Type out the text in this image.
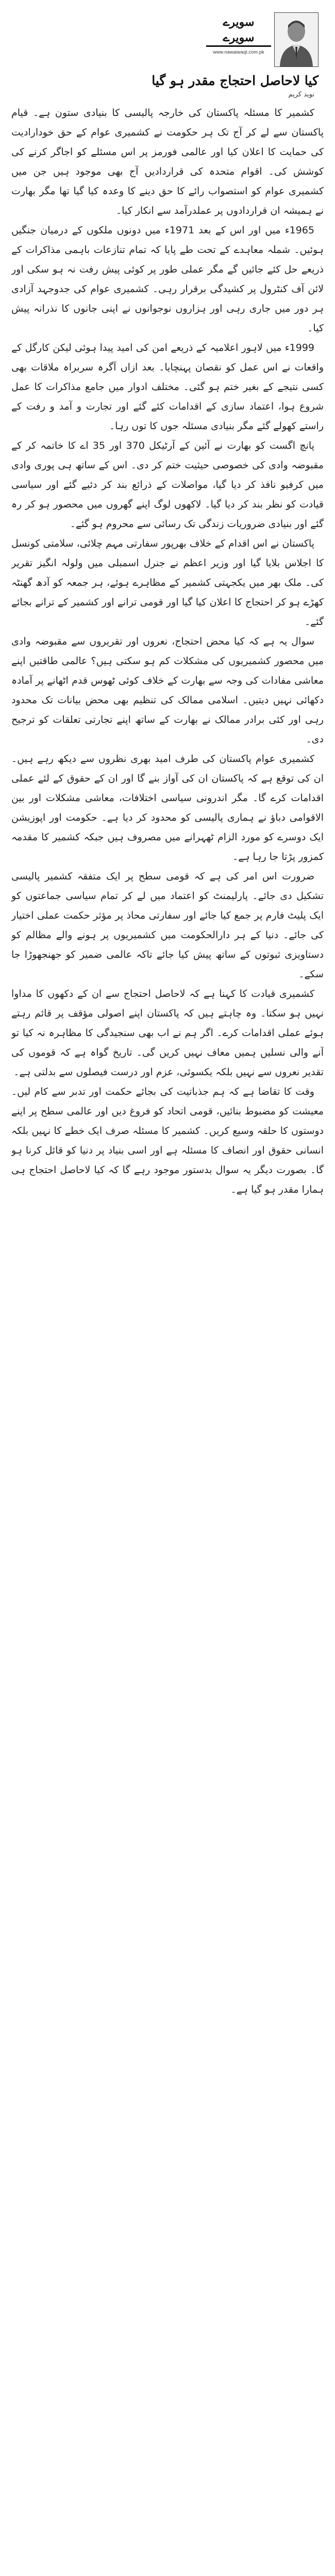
سویرے
سویرے
www.nawaiwaqt.com.pk
کیا لاحاصل احتجاج مقدر ہو گیا
نوید کریم

کشمیر کا مسئلہ پاکستان کی خارجہ پالیسی کا بنیادی ستون ہے۔ قیام پاکستان سے لے کر آج تک ہر حکومت نے کشمیری عوام کے حق خودارادیت کی حمایت کا اعلان کیا اور عالمی فورمز پر اس مسئلے کو اجاگر کرنے کی کوشش کی۔ اقوام متحدہ کی قراردادیں آج بھی موجود ہیں جن میں کشمیری عوام کو استصواب رائے کا حق دینے کا وعدہ کیا گیا تھا مگر بھارت نے ہمیشہ ان قراردادوں پر عملدرآمد سے انکار کیا۔

1965ء میں اور اس کے بعد 1971ء میں دونوں ملکوں کے درمیان جنگیں ہوئیں۔ شملہ معاہدے کے تحت طے پایا کہ تمام تنازعات باہمی مذاکرات کے ذریعے حل کئے جائیں گے مگر عملی طور پر کوئی پیش رفت نہ ہو سکی اور لائن آف کنٹرول پر کشیدگی برقرار رہی۔ کشمیری عوام کی جدوجہد آزادی ہر دور میں جاری رہی اور ہزاروں نوجوانوں نے اپنی جانوں کا نذرانہ پیش کیا۔

1999ء میں لاہور اعلامیہ کے ذریعے امن کی امید پیدا ہوئی لیکن کارگل کے واقعات نے اس عمل کو نقصان پہنچایا۔ بعد ازاں آگرہ سربراہ ملاقات بھی کسی نتیجے کے بغیر ختم ہو گئی۔ مختلف ادوار میں جامع مذاکرات کا عمل شروع ہوا، اعتماد سازی کے اقدامات کئے گئے اور تجارت و آمد و رفت کے راستے کھولے گئے مگر بنیادی مسئلہ جوں کا توں رہا۔

پانچ اگست کو بھارت نے آئین کے آرٹیکل 370 اور 35 اے کا خاتمہ کر کے مقبوضہ وادی کی خصوصی حیثیت ختم کر دی۔ اس کے ساتھ ہی پوری وادی میں کرفیو نافذ کر دیا گیا، مواصلات کے ذرائع بند کر دئیے گئے اور سیاسی قیادت کو نظر بند کر دیا گیا۔ لاکھوں لوگ اپنے گھروں میں محصور ہو کر رہ گئے اور بنیادی ضروریات زندگی تک رسائی سے محروم ہو گئے۔

پاکستان نے اس اقدام کے خلاف بھرپور سفارتی مہم چلائی، سلامتی کونسل کا اجلاس بلایا گیا اور وزیر اعظم نے جنرل اسمبلی میں ولولہ انگیز تقریر کی۔ ملک بھر میں یکجہتی کشمیر کے مظاہرے ہوئے، ہر جمعہ کو آدھ گھنٹہ کھڑے ہو کر احتجاج کا اعلان کیا گیا اور قومی ترانے اور کشمیر کے ترانے بجائے گئے۔

سوال یہ ہے کہ کیا محض احتجاج، نعروں اور تقریروں سے مقبوضہ وادی میں محصور کشمیریوں کی مشکلات کم ہو سکتی ہیں؟ عالمی طاقتیں اپنے معاشی مفادات کی وجہ سے بھارت کے خلاف کوئی ٹھوس قدم اٹھانے پر آمادہ دکھائی نہیں دیتیں۔ اسلامی ممالک کی تنظیم بھی محض بیانات تک محدود رہی اور کئی برادر ممالک نے بھارت کے ساتھ اپنے تجارتی تعلقات کو ترجیح دی۔

کشمیری عوام پاکستان کی طرف امید بھری نظروں سے دیکھ رہے ہیں۔ ان کی توقع ہے کہ پاکستان ان کی آواز بنے گا اور ان کے حقوق کے لئے عملی اقدامات کرے گا۔ مگر اندرونی سیاسی اختلافات، معاشی مشکلات اور بین الاقوامی دباؤ نے ہماری پالیسی کو محدود کر دیا ہے۔ حکومت اور اپوزیشن ایک دوسرے کو مورد الزام ٹھہرانے میں مصروف ہیں جبکہ کشمیر کا مقدمہ کمزور پڑتا جا رہا ہے۔

ضرورت اس امر کی ہے کہ قومی سطح پر ایک متفقہ کشمیر پالیسی تشکیل دی جائے۔ پارلیمنٹ کو اعتماد میں لے کر تمام سیاسی جماعتوں کو ایک پلیٹ فارم پر جمع کیا جائے اور سفارتی محاذ پر مؤثر حکمت عملی اختیار کی جائے۔ دنیا کے ہر دارالحکومت میں کشمیریوں پر ہونے والے مظالم کو دستاویزی ثبوتوں کے ساتھ پیش کیا جائے تاکہ عالمی ضمیر کو جھنجھوڑا جا سکے۔

کشمیری قیادت کا کہنا ہے کہ لاحاصل احتجاج سے ان کے دکھوں کا مداوا نہیں ہو سکتا۔ وہ چاہتے ہیں کہ پاکستان اپنے اصولی مؤقف پر قائم رہتے ہوئے عملی اقدامات کرے۔ اگر ہم نے اب بھی سنجیدگی کا مظاہرہ نہ کیا تو آنے والی نسلیں ہمیں معاف نہیں کریں گی۔ تاریخ گواہ ہے کہ قوموں کی تقدیر نعروں سے نہیں بلکہ یکسوئی، عزم اور درست فیصلوں سے بدلتی ہے۔

وقت کا تقاضا ہے کہ ہم جذباتیت کی بجائے حکمت اور تدبر سے کام لیں۔ معیشت کو مضبوط بنائیں، قومی اتحاد کو فروغ دیں اور عالمی سطح پر اپنے دوستوں کا حلقہ وسیع کریں۔ کشمیر کا مسئلہ صرف ایک خطے کا نہیں بلکہ انسانی حقوق اور انصاف کا مسئلہ ہے اور اسی بنیاد پر دنیا کو قائل کرنا ہو گا۔ بصورت دیگر یہ سوال بدستور موجود رہے گا کہ کیا لاحاصل احتجاج ہی ہمارا مقدر ہو گیا ہے۔
